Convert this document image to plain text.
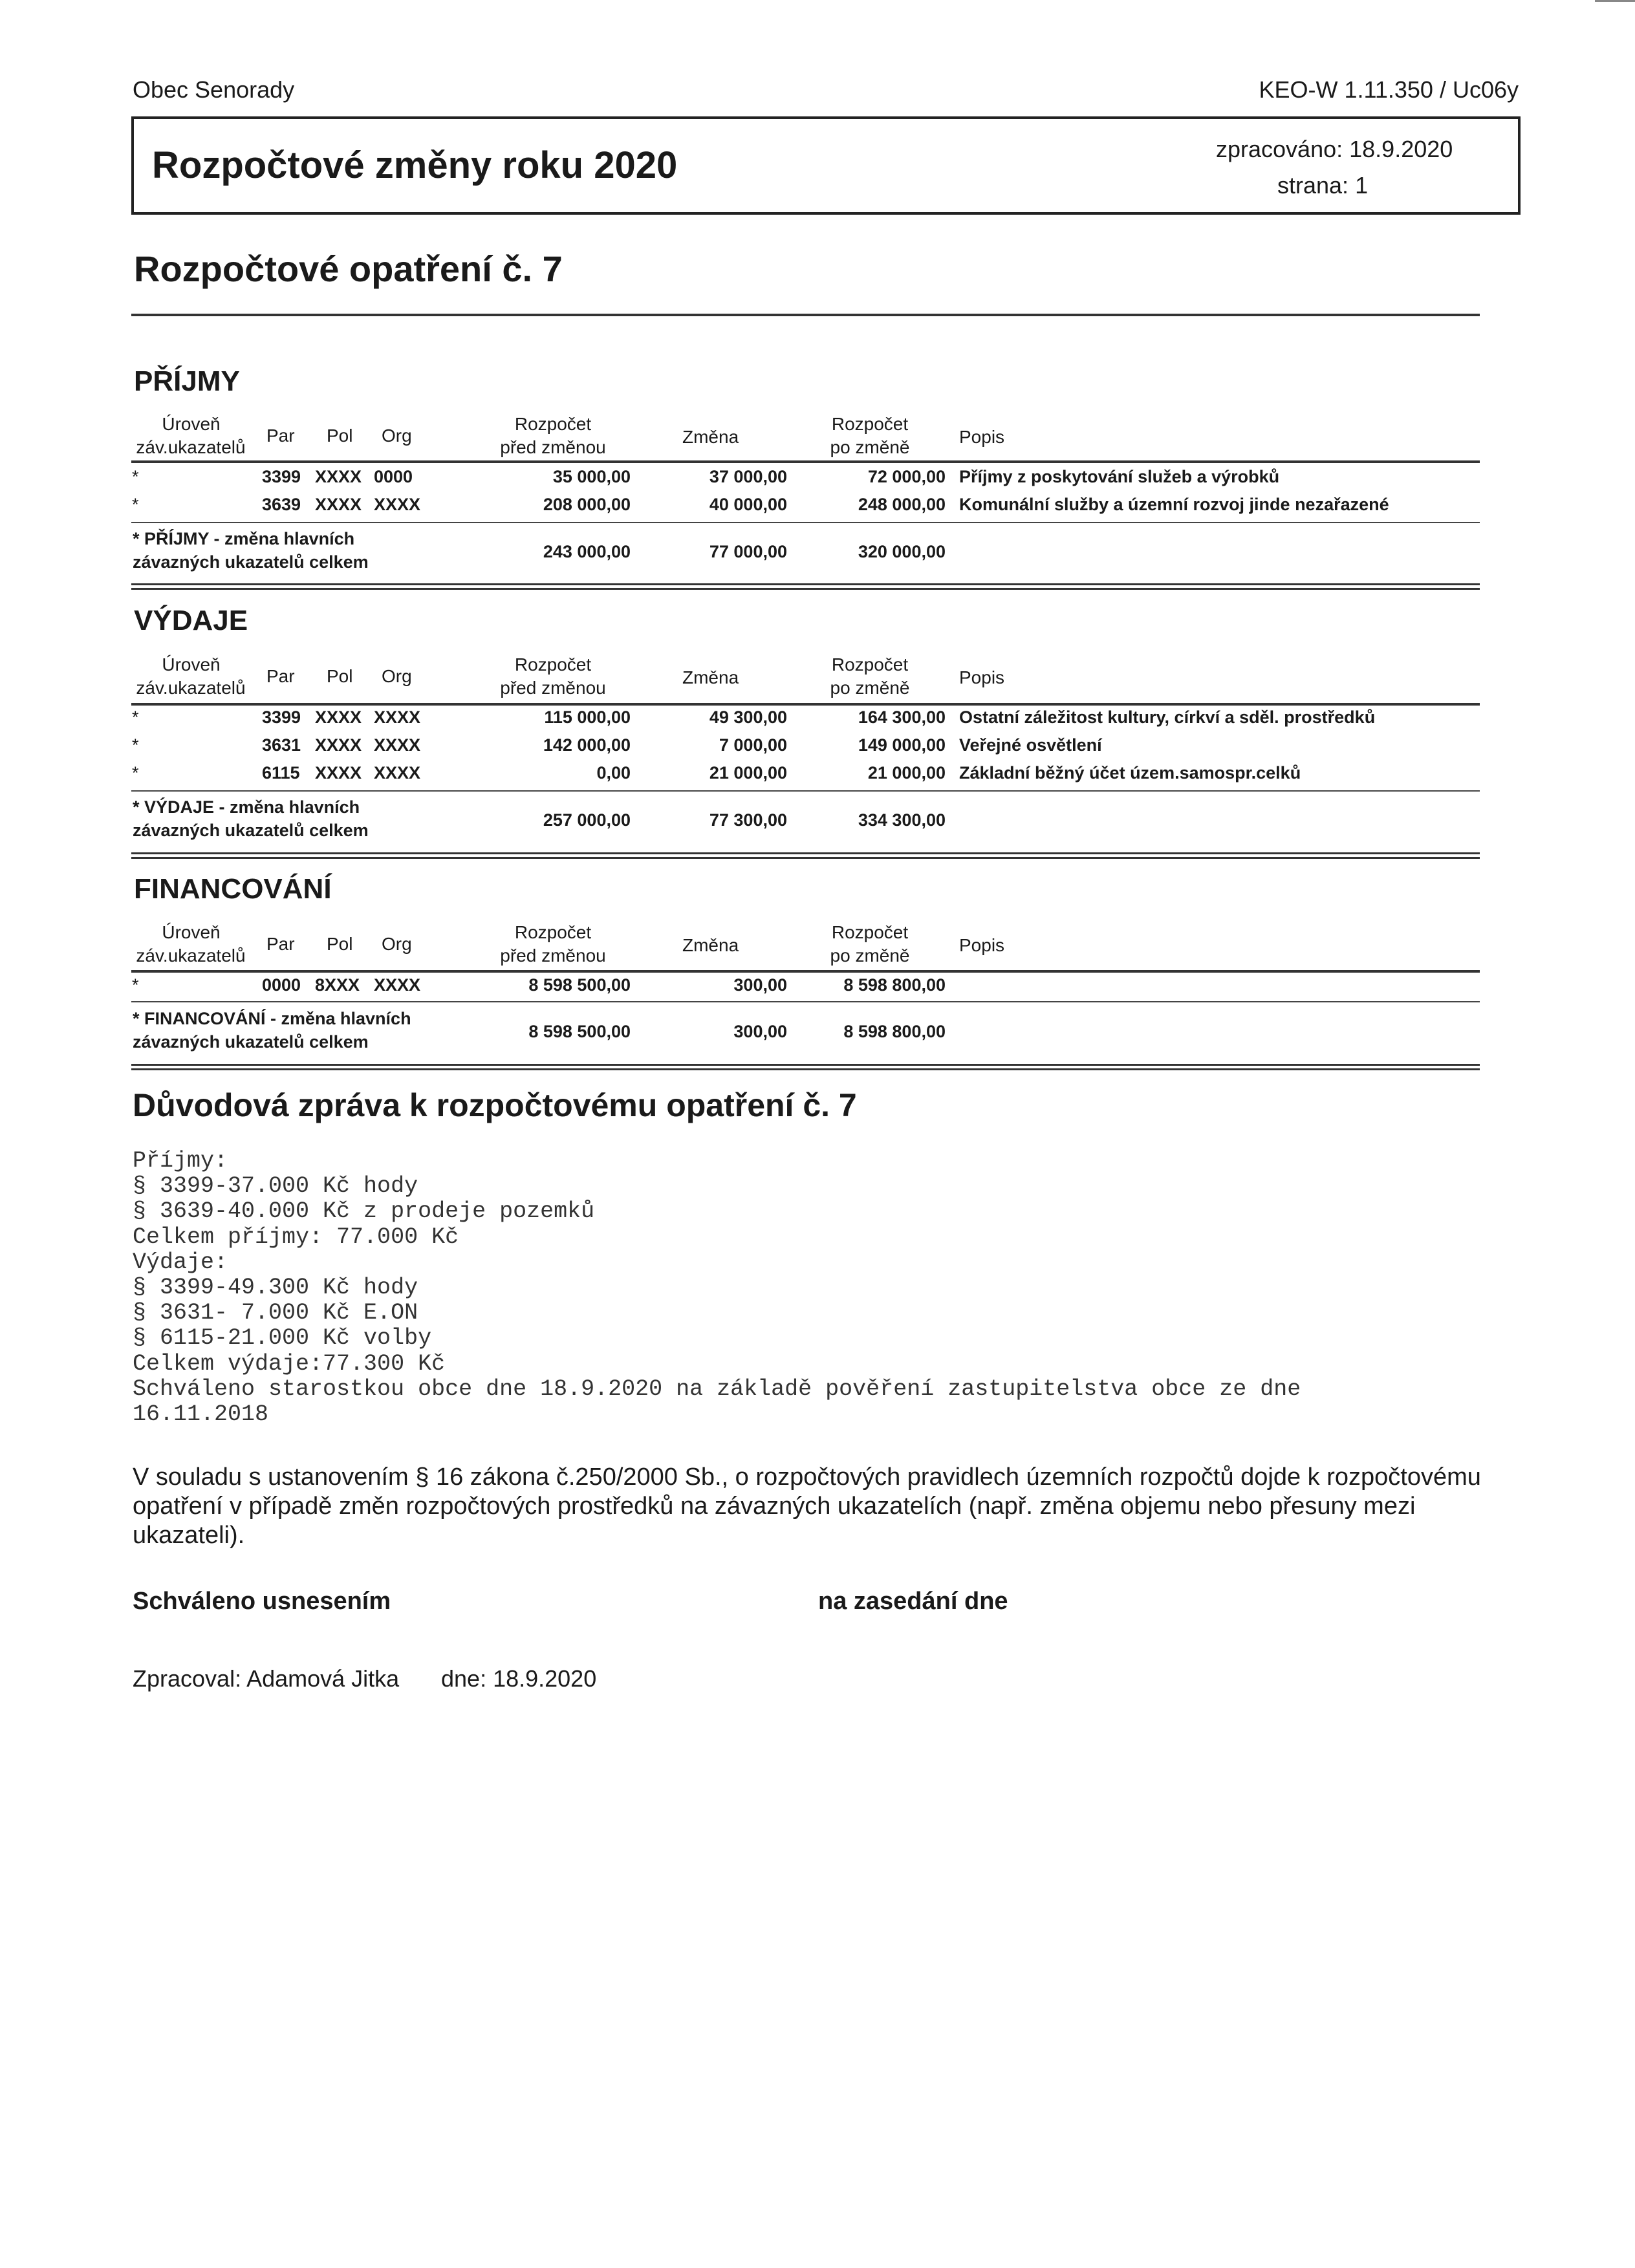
Obec Senorady	KEO-W 1.11.350 / Uc06y
Rozpočtové změny roku 2020	zpracováno: 18.9.2020
strana: 1
Rozpočtové opatření č. 7
PŘÍJMY
Úroveň
záv.ukazatelů
Par Pol Org
Rozpočet
před změnou
Změna
Rozpočet
po změně
Popis
*	3399 XXXX 0000	35 000,00	37 000,00	72 000,00 Příjmy z poskytování služeb a výrobků
*	3639 XXXX XXXX	208 000,00	40 000,00	248 000,00 Komunální služby a územní rozvoj jinde nezařazené
* PŘÍJMY - změna hlavních
závazných ukazatelů celkem
243 000,00	77 000,00	320 000,00
VÝDAJE
Úroveň
záv.ukazatelů
Par Pol Org
Rozpočet
před změnou
Změna
Rozpočet
po změně
Popis
*	3399 XXXX XXXX	115 000,00	49 300,00	164 300,00 Ostatní záležitost kultury, církví a sděl. prostředků
*	3631 XXXX XXXX	142 000,00	7 000,00	149 000,00 Veřejné osvětlení
*	6115 XXXX XXXX	0,00	21 000,00	21 000,00 Základní běžný účet územ.samospr.celků
* VÝDAJE - změna hlavních
závazných ukazatelů celkem
257 000,00	77 300,00	334 300,00
FINANCOVÁNÍ
Úroveň
záv.ukazatelů
Par Pol Org
Rozpočet
před změnou
Změna
Rozpočet
po změně
Popis
*	0000 8XXX XXXX	8 598 500,00	300,00	8 598 800,00
* FINANCOVÁNÍ - změna hlavních
závazných ukazatelů celkem
8 598 500,00	300,00	8 598 800,00
Důvodová zpráva k rozpočtovému opatření č. 7
Příjmy:
§ 3399-37.000 Kč hody
§ 3639-40.000 Kč z prodeje pozemků
Celkem příjmy: 77.000 Kč
Výdaje:
§ 3399-49.300 Kč hody
§ 3631- 7.000 Kč E.ON
§ 6115-21.000 Kč volby
Celkem výdaje:77.300 Kč
Schváleno starostkou obce dne 18.9.2020 na základě pověření zastupitelstva obce ze dne
16.11.2018
V souladu s ustanovením § 16 zákona č.250/2000 Sb., o rozpočtových pravidlech územních rozpočtů dojde k rozpočtovému opatření v případě změn rozpočtových prostředků na závazných ukazatelích (např. změna objemu nebo přesuny mezi ukazateli).
Schváleno usnesením	na zasedání dne
Zpracoval: Adamová Jitka dne: 18.9.2020
